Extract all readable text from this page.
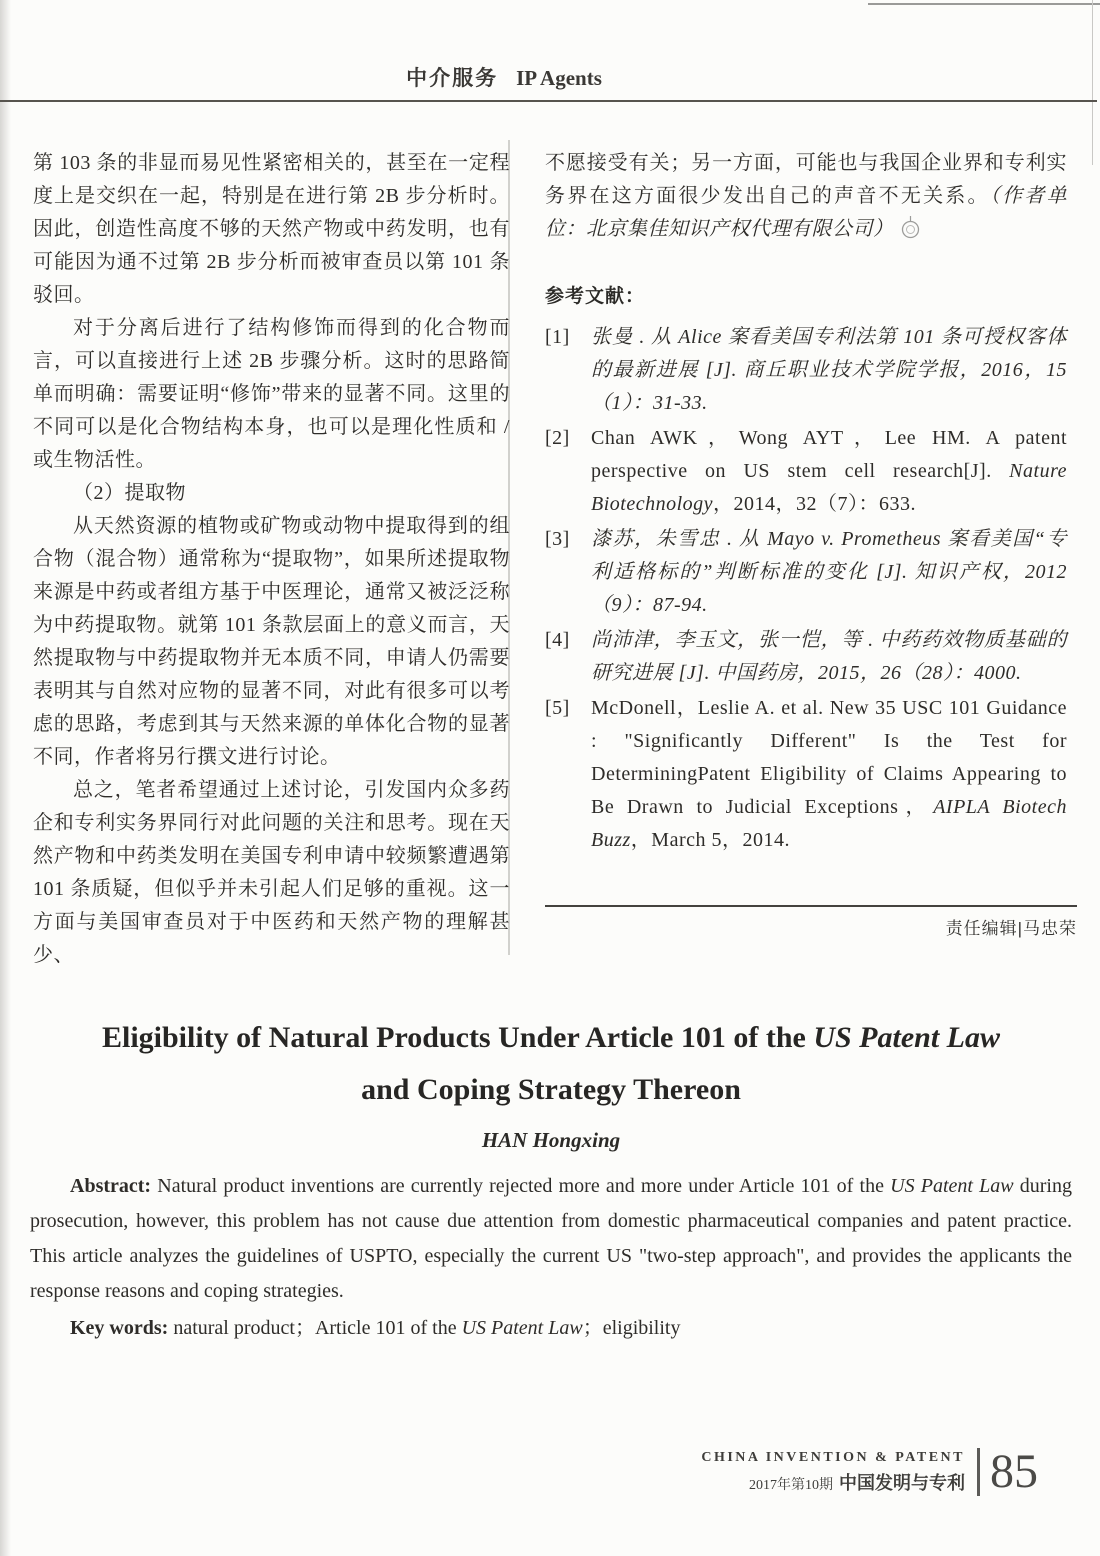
中介服务 IP Agents

第 103 条的非显而易见性紧密相关的，甚至在一定程度上是交织在一起，特别是在进行第 2B 步分析时。因此，创造性高度不够的天然产物或中药发明，也有可能因为通不过第 2B 步分析而被审查员以第 101 条驳回。

对于分离后进行了结构修饰而得到的化合物而言，可以直接进行上述 2B 步骤分析。这时的思路简单而明确：需要证明“修饰”带来的显著不同。这里的不同可以是化合物结构本身，也可以是理化性质和 / 或生物活性。

（2）提取物

从天然资源的植物或矿物或动物中提取得到的组合物（混合物）通常称为“提取物”，如果所述提取物来源是中药或者组方基于中医理论，通常又被泛泛称为中药提取物。就第 101 条款层面上的意义而言，天然提取物与中药提取物并无本质不同，申请人仍需要表明其与自然对应物的显著不同，对此有很多可以考虑的思路，考虑到其与天然来源的单体化合物的显著不同，作者将另行撰文进行讨论。

总之，笔者希望通过上述讨论，引发国内众多药企和专利实务界同行对此问题的关注和思考。现在天然产物和中药类发明在美国专利申请中较频繁遭遇第 101 条质疑，但似乎并未引起人们足够的重视。这一方面与美国审查员对于中医药和天然产物的理解甚少、

不愿接受有关；另一方面，可能也与我国企业界和专利实务界在这方面很少发出自己的声音不无关系。（作者单位：北京集佳知识产权代理有限公司）

参考文献：

[1] 张曼 . 从 Alice 案看美国专利法第 101 条可授权客体的最新进展 [J]. 商丘职业技术学院学报，2016，15（1）：31-33.
[2] Chan AWK，Wong AYT，Lee HM. A patent perspective on US stem cell research[J]. Nature Biotechnology，2014，32（7）：633.
[3] 漆苏，朱雪忠 . 从 Mayo v. Prometheus 案看美国“专利适格标的”判断标准的变化 [J]. 知识产权，2012（9）：87-94.
[4] 尚沛津，李玉文，张一恺，等 . 中药药效物质基础的研究进展 [J]. 中国药房，2015，26（28）：4000.
[5] McDonell，Leslie A. et al. New 35 USC 101 Guidance : "Significantly Different" Is the Test for DeterminingPatent Eligibility of Claims Appearing to Be Drawn to Judicial Exceptions，AIPLA Biotech Buzz，March 5，2014.
责任编辑|马忠荣
Eligibility of Natural Products Under Article 101 of the US Patent Law
and Coping Strategy Thereon

HAN Hongxing

Abstract: Natural product inventions are currently rejected more and more under Article 101 of the US Patent Law during prosecution, however, this problem has not cause due attention from domestic pharmaceutical companies and patent practice. This article analyzes the guidelines of USPTO, especially the current US "two-step approach", and provides the applicants the response reasons and coping strategies.

Key words: natural product；Article 101 of the US Patent Law；eligibility

CHINA INVENTION & PATENT
2017年第10期 中国发明与专利 85
